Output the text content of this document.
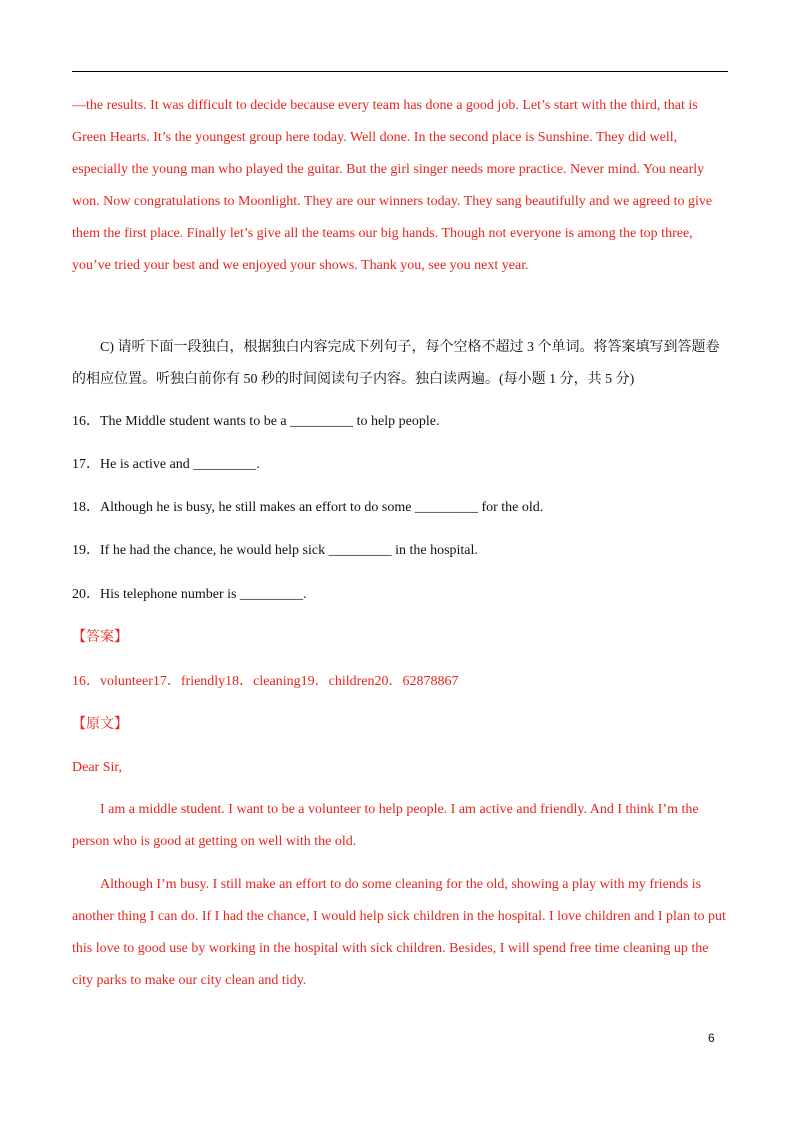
—the results. It was difficult to decide because every team has done a good job. Let’s start with the third, that is Green Hearts. It’s the youngest group here today. Well done. In the second place is Sunshine. They did well, especially the young man who played the guitar. But the girl singer needs more practice. Never mind. You nearly won. Now congratulations to Moonlight. They are our winners today. They sang beautifully and we agreed to give them the first place. Finally let’s give all the teams our big hands. Though not everyone is among the top three, you’ve tried your best and we enjoyed your shows. Thank you, see you next year.

C) 请听下面一段独白，根据独白内容完成下列句子，每个空格不超过 3 个单词。将答案填写到答题卷的相应位置。听独白前你有 50 秒的时间阅读句子内容。独白读两遍。(每小题 1 分，共 5 分)

16．The Middle student wants to be a _________ to help people.

17．He is active and _________.

18．Although he is busy, he still makes an effort to do some _________ for the old.

19．If he had the chance, he would help sick _________ in the hospital.

20．His telephone number is _________.

【答案】

16．volunteer17．friendly18．cleaning19．children20．62878867

【原文】

Dear Sir,

I am a middle student. I want to be a volunteer to help people. I am active and friendly. And I think I’m the person who is good at getting on well with the old.

Although I’m busy. I still make an effort to do some cleaning for the old, showing a play with my friends is another thing I can do. If I had the chance, I would help sick children in the hospital. I love children and I plan to put this love to good use by working in the hospital with sick children. Besides, I will spend free time cleaning up the city parks to make our city clean and tidy.

6
